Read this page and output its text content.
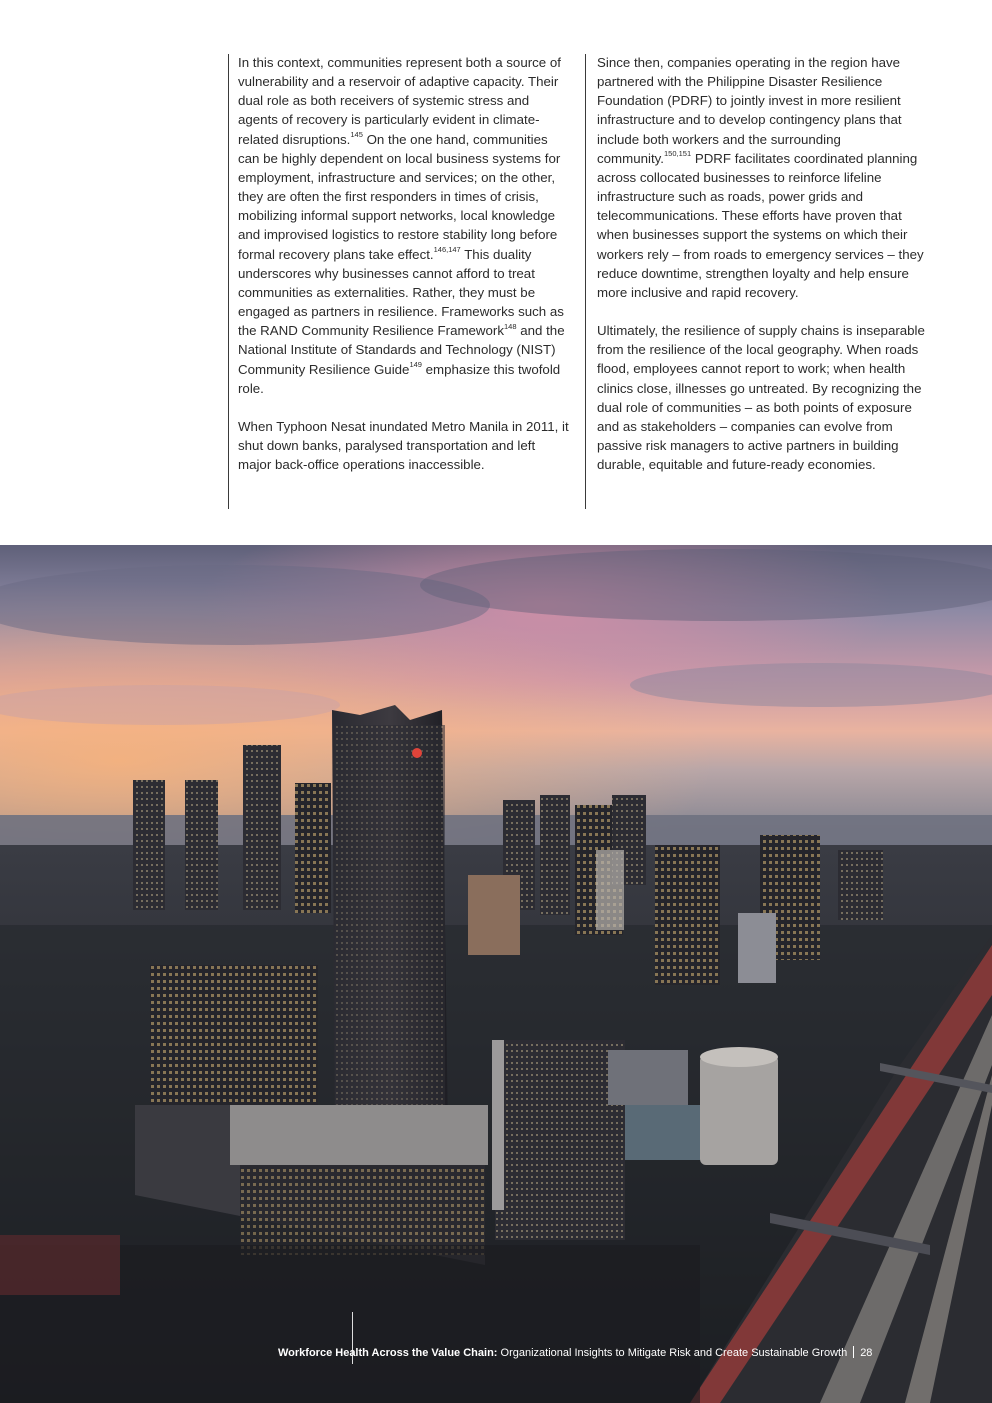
In this context, communities represent both a source of vulnerability and a reservoir of adaptive capacity. Their dual role as both receivers of systemic stress and agents of recovery is particularly evident in climate-related disruptions.$^{145}$ On the one hand, communities can be highly dependent on local business systems for employment, infrastructure and services; on the other, they are often the first responders in times of crisis, mobilizing informal support networks, local knowledge and improvised logistics to restore stability long before formal recovery plans take effect.$^{146,147}$ This duality underscores why businesses cannot afford to treat communities as externalities. Rather, they must be engaged as partners in resilience. Frameworks such as the RAND Community Resilience Framework$^{148}$ and the National Institute of Standards and Technology (NIST) Community Resilience Guide$^{149}$ emphasize this twofold role.

When Typhoon Nesat inundated Metro Manila in 2011, it shut down banks, paralysed transportation and left major back-office operations inaccessible.

Since then, companies operating in the region have partnered with the Philippine Disaster Resilience Foundation (PDRF) to jointly invest in more resilient infrastructure and to develop contingency plans that include both workers and the surrounding community.$^{150,151}$ PDRF facilitates coordinated planning across collocated businesses to reinforce lifeline infrastructure such as roads, power grids and telecommunications. These efforts have proven that when businesses support the systems on which their workers rely – from roads to emergency services – they reduce downtime, strengthen loyalty and help ensure more inclusive and rapid recovery.

Ultimately, the resilience of supply chains is inseparable from the resilience of the local geography. When roads flood, employees cannot report to work; when health clinics close, illnesses go untreated. By recognizing the dual role of communities – as both points of exposure and as stakeholders – companies can evolve from passive risk managers to active partners in building durable, equitable and future-ready economies.

Workforce Health Across the Value Chain: Organizational Insights to Mitigate Risk and Create Sustainable Growth 28
